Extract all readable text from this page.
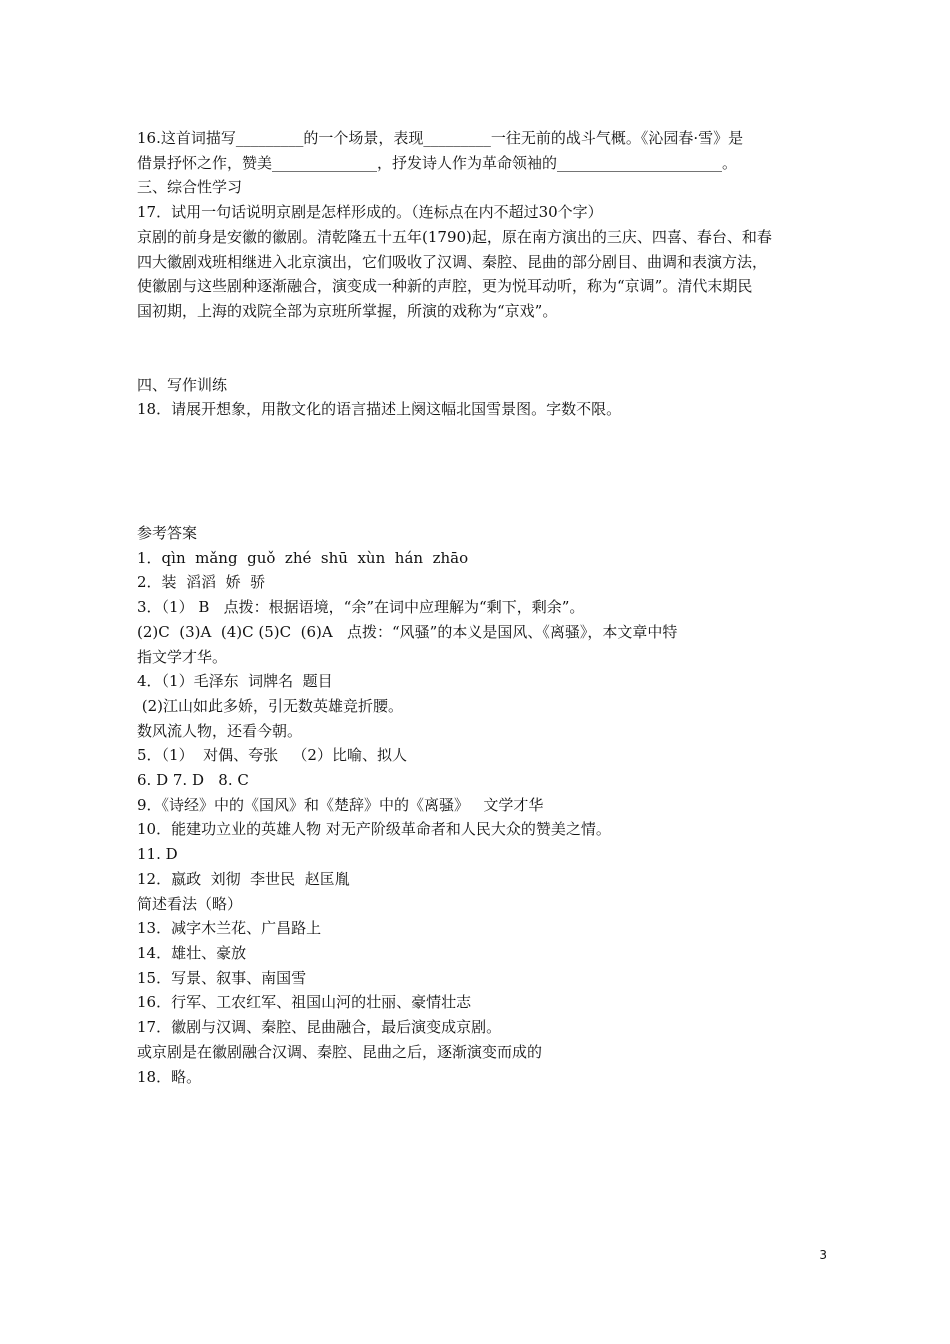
16.这首词描写_________的一个场景，表现_________一往无前的战斗气概。《沁园春·雪》是

借景抒怀之作，赞美______________，抒发诗人作为革命领袖的______________________。

三、综合性学习

17．试用一句话说明京剧是怎样形成的。（连标点在内不超过30个字）

京剧的前身是安徽的徽剧。清乾隆五十五年(1790)起，原在南方演出的三庆、四喜、春台、和春

四大徽剧戏班相继进入北京演出，它们吸收了汉调、秦腔、昆曲的部分剧目、曲调和表演方法，

使徽剧与这些剧种逐渐融合，演变成一种新的声腔，更为悦耳动听，称为“京调”。清代末期民

国初期，上海的戏院全部为京班所掌握，所演的戏称为“京戏”。

四、写作训练

18．请展开想象，用散文化的语言描述上阕这幅北国雪景图。字数不限。

参考答案

1．qìn  mǎng  guǒ  zhé  shū  xùn  hán  zhāo

2．装  滔滔  娇  骄

3．（1） B   点拨：根据语境，“余”在词中应理解为“剩下，剩余”。

(2)C  (3)A  (4)C (5)C  (6)A   点拨：“风骚”的本义是国风、《离骚》，本文章中特

指文学才华。

4．（1）毛泽东  词牌名  题目

(2)江山如此多娇，引无数英雄竞折腰。

数风流人物，还看今朝。

5．（1）  对偶、夸张   （2）比喻、拟人

6. D 7. D   8. C

9．《诗经》中的《国风》和《楚辞》中的《离骚》   文学才华

10．能建功立业的英雄人物 对无产阶级革命者和人民大众的赞美之情。

11. D

12．嬴政  刘彻  李世民  赵匡胤

简述看法（略）

13．减字木兰花、广昌路上

14．雄壮、豪放

15．写景、叙事、南国雪

16．行军、工农红军、祖国山河的壮丽、豪情壮志

17．徽剧与汉调、秦腔、昆曲融合，最后演变成京剧。

或京剧是在徽剧融合汉调、秦腔、昆曲之后，逐渐演变而成的

18．略。

3
